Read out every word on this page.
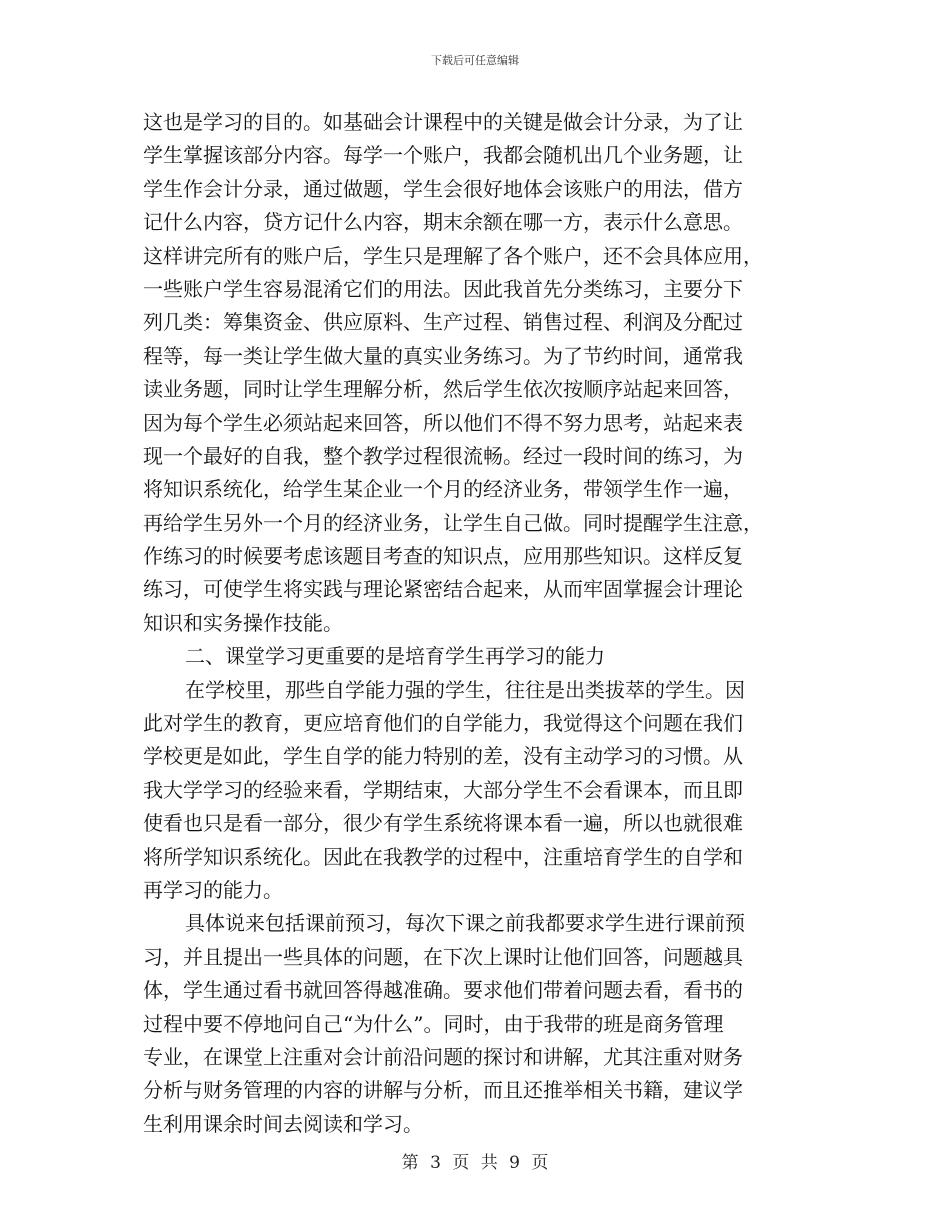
下载后可任意编辑
这也是学习的目的。如基础会计课程中的关键是做会计分录，为了让
学生掌握该部分内容。每学一个账户，我都会随机出几个业务题，让
学生作会计分录，通过做题，学生会很好地体会该账户的用法，借方
记什么内容，贷方记什么内容，期末余额在哪一方，表示什么意思。
这样讲完所有的账户后，学生只是理解了各个账户，还不会具体应用，
一些账户学生容易混淆它们的用法。因此我首先分类练习，主要分下
列几类：筹集资金、供应原料、生产过程、销售过程、利润及分配过
程等，每一类让学生做大量的真实业务练习。为了节约时间，通常我
读业务题，同时让学生理解分析，然后学生依次按顺序站起来回答，
因为每个学生必须站起来回答，所以他们不得不努力思考，站起来表
现一个最好的自我，整个教学过程很流畅。经过一段时间的练习，为
将知识系统化，给学生某企业一个月的经济业务，带领学生作一遍，
再给学生另外一个月的经济业务，让学生自己做。同时提醒学生注意，
作练习的时候要考虑该题目考查的知识点，应用那些知识。这样反复
练习，可使学生将实践与理论紧密结合起来，从而牢固掌握会计理论
知识和实务操作技能。
二、课堂学习更重要的是培育学生再学习的能力
在学校里，那些自学能力强的学生，往往是出类拔萃的学生。因
此对学生的教育，更应培育他们的自学能力，我觉得这个问题在我们
学校更是如此，学生自学的能力特别的差，没有主动学习的习惯。从
我大学学习的经验来看，学期结束，大部分学生不会看课本，而且即
使看也只是看一部分，很少有学生系统将课本看一遍，所以也就很难
将所学知识系统化。因此在我教学的过程中，注重培育学生的自学和
再学习的能力。
具体说来包括课前预习，每次下课之前我都要求学生进行课前预
习，并且提出一些具体的问题，在下次上课时让他们回答，问题越具
体，学生通过看书就回答得越准确。要求他们带着问题去看，看书的
过程中要不停地问自己“为什么”。同时，由于我带的班是商务管理
专业，在课堂上注重对会计前沿问题的探讨和讲解，尤其注重对财务
分析与财务管理的内容的讲解与分析，而且还推举相关书籍，建议学
生利用课余时间去阅读和学习。
第 3 页 共 9 页
